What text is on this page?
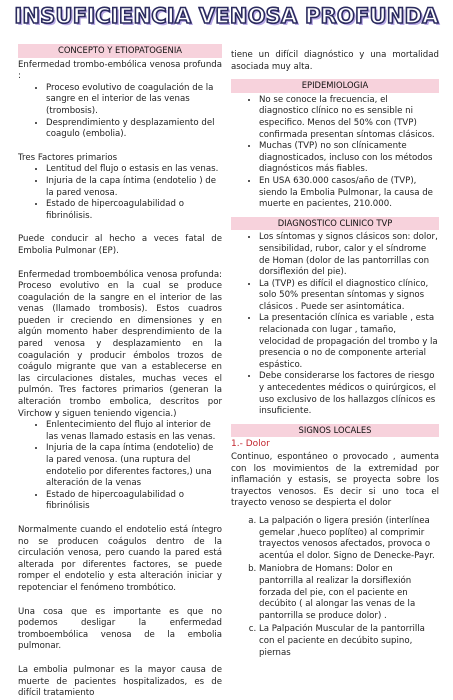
INSUFICIENCIA VENOSA PROFUNDA
CONCEPTO Y ETIOPATOGENIA
Enfermedad trombo-embólica venosa profunda :
• Proceso evolutivo de coagulación de la sangre en el interior de las venas (trombosis).
• Desprendimiento y desplazamiento del coagulo (embolia).
Tres Factores primarios
• Lentitud del flujo o estasis en las venas.
• Injuria de la capa íntima (endotelio ) de la pared venosa.
• Estado de hipercoagulabilidad o fibrinólisis.
Puede conducir al hecho a veces fatal de Embolia Pulmonar (EP).
Enfermedad tromboembólica venosa profunda: Proceso evolutivo en la cual se produce coagulación de la sangre en el interior de las venas (llamado trombosis). Estos cuadros pueden ir creciendo en dimensiones y en algún momento haber desprendimiento de la pared venosa y desplazamiento en la coagulación y producir émbolos trozos de coágulo migrante que van a establecerse en las circulaciones distales, muchas veces el pulmón. Tres factores primarios (generan la alteración trombo embolica, descritos por Virchow y siguen teniendo vigencia.)
• Enlentecimiento del flujo al interior de las venas llamado estasis en las venas.
• Injuria de la capa íntima (endotelio) de la pared venosa. (una ruptura del endotelio por diferentes factores,) una alteración de la venas
• Estado de hipercoagulabilidad o fibrinólisis
Normalmente cuando el endotelio está íntegro no se producen coágulos dentro de la circulación venosa, pero cuando la pared está alterada por diferentes factores, se puede romper el endotelio y esta alteración iniciar y repotenciar el fenómeno trombótico.
Una cosa que es importante es que no podemos desligar la enfermedad tromboembólica venosa de la embolia pulmonar.
La embolia pulmonar es la mayor causa de muerte de pacientes hospitalizados, es de difícil tratamiento
tiene un difícil diagnóstico y una mortalidad asociada muy alta.
EPIDEMIOLOGIA
• No se conoce la frecuencia, el diagnostico clínico no es sensible ni especifico. Menos del 50% con (TVP) confirmada presentan síntomas clásicos.
• Muchas (TVP) no son clínicamente diagnosticados, incluso con los métodos diagnósticos más fiables.
• En USA 630.000 casos/año de (TVP), siendo la Embolia Pulmonar, la causa de muerte en pacientes, 210.000.
DIAGNOSTICO CLINICO TVP
• Los síntomas y signos clásicos son: dolor, sensibilidad, rubor, calor y el síndrome de Homan (dolor de las pantorrillas con dorsiflexión del pie).
• La (TVP) es difícil el diagnostico clínico, solo 50% presentan síntomas y signos clásicos . Puede ser asintomática.
• La presentación clínica es variable , esta relacionada con lugar , tamaño, velocidad de propagación del trombo y la presencia o no de componente arterial espástico.
• Debe considerarse los factores de riesgo y antecedentes médicos o quirúrgicos, el uso exclusivo de los hallazgos clínicos es insuficiente.
SIGNOS LOCALES
1.- Dolor
Continuo, espontáneo o provocado , aumenta con los movimientos de la extremidad por inflamación y estasis, se proyecta sobre los trayectos venosos. Es decir si uno toca el trayecto venoso se despierta el dolor
a. La palpación o ligera presión (interlínea gemelar ,hueco poplíteo) al comprimir trayectos venosos afectados, provoca o acentúa el dolor. Signo de Denecke-Payr.
b. Maniobra de Homans: Dolor en pantorrilla al realizar la dorsiflexión forzada del pie, con el paciente en decúbito ( al alongar las venas de la pantorrilla se produce dolor) .
c. La Palpación Muscular de la pantorrilla con el paciente en decúbito supino, piernas
